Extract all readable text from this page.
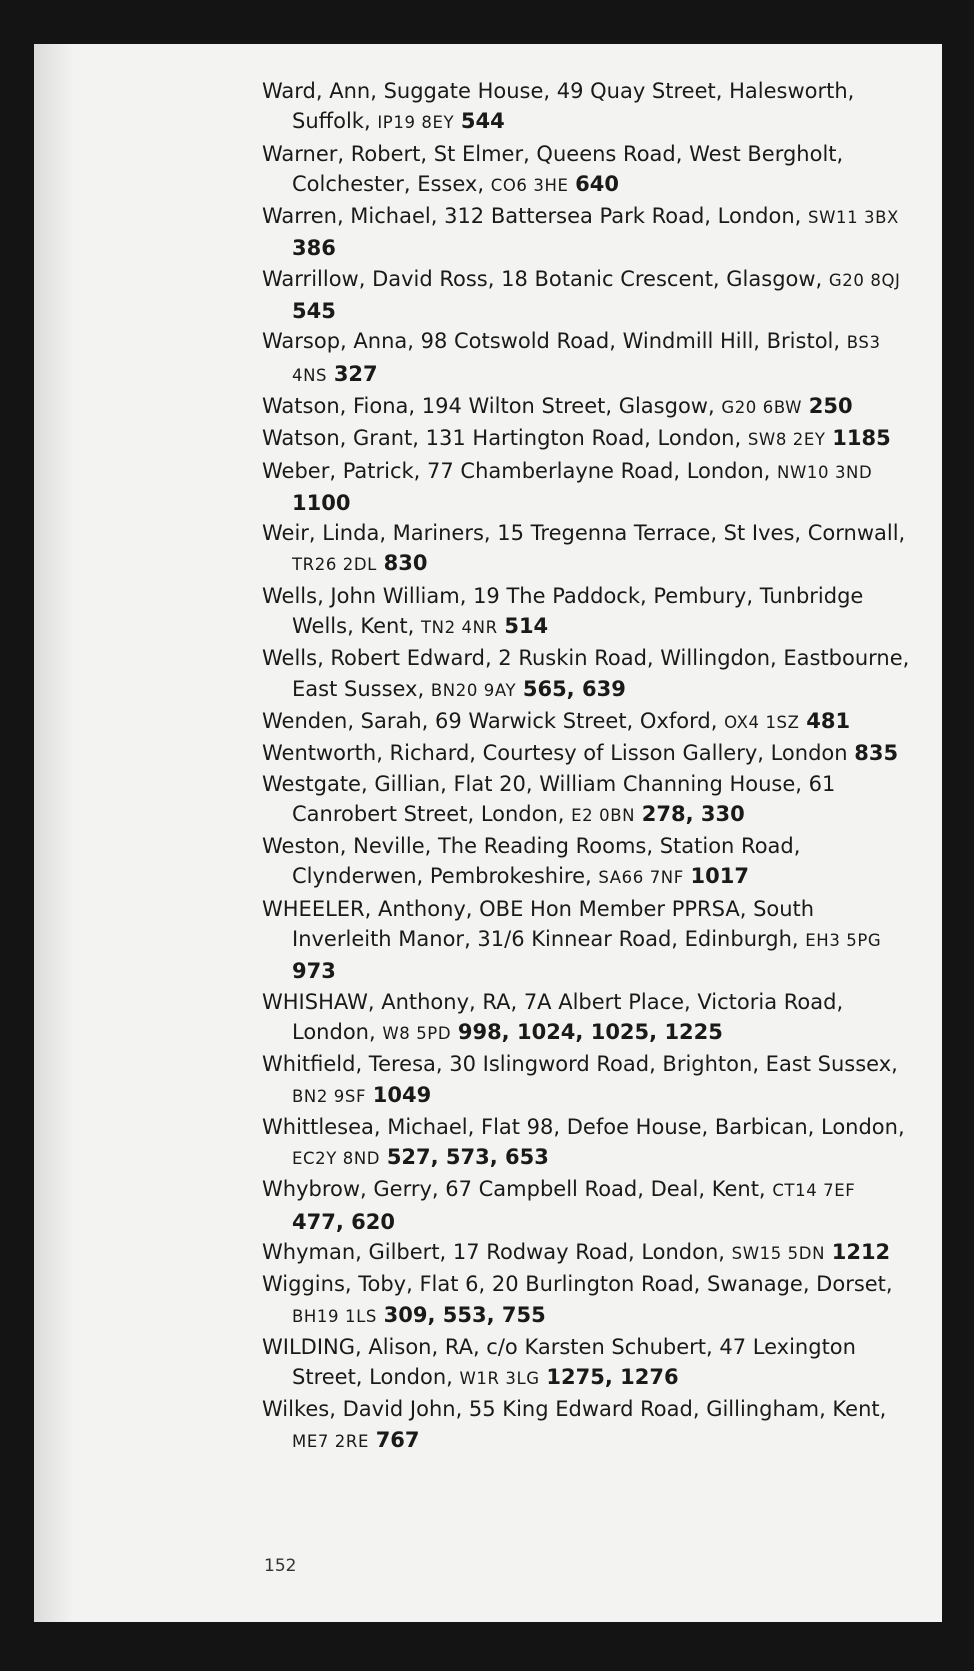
Ward, Ann, Suggate House, 49 Quay Street, Halesworth, Suffolk, IP19 8EY 544
Warner, Robert, St Elmer, Queens Road, West Bergholt, Colchester, Essex, CO6 3HE 640
Warren, Michael, 312 Battersea Park Road, London, SW11 3BX 386
Warrillow, David Ross, 18 Botanic Crescent, Glasgow, G20 8QJ 545
Warsop, Anna, 98 Cotswold Road, Windmill Hill, Bristol, BS3 4NS 327
Watson, Fiona, 194 Wilton Street, Glasgow, G20 6BW 250
Watson, Grant, 131 Hartington Road, London, SW8 2EY 1185
Weber, Patrick, 77 Chamberlayne Road, London, NW10 3ND 1100
Weir, Linda, Mariners, 15 Tregenna Terrace, St Ives, Cornwall, TR26 2DL 830
Wells, John William, 19 The Paddock, Pembury, Tunbridge Wells, Kent, TN2 4NR 514
Wells, Robert Edward, 2 Ruskin Road, Willingdon, Eastbourne, East Sussex, BN20 9AY 565, 639
Wenden, Sarah, 69 Warwick Street, Oxford, OX4 1SZ 481
Wentworth, Richard, Courtesy of Lisson Gallery, London 835
Westgate, Gillian, Flat 20, William Channing House, 61 Canrobert Street, London, E2 0BN 278, 330
Weston, Neville, The Reading Rooms, Station Road, Clynderwen, Pembrokeshire, SA66 7NF 1017
WHEELER, Anthony, OBE Hon Member PPRSA, South Inverleith Manor, 31/6 Kinnear Road, Edinburgh, EH3 5PG 973
WHISHAW, Anthony, RA, 7A Albert Place, Victoria Road, London, W8 5PD 998, 1024, 1025, 1225
Whitfield, Teresa, 30 Islingword Road, Brighton, East Sussex, BN2 9SF 1049
Whittlesea, Michael, Flat 98, Defoe House, Barbican, London, EC2Y 8ND 527, 573, 653
Whybrow, Gerry, 67 Campbell Road, Deal, Kent, CT14 7EF 477, 620
Whyman, Gilbert, 17 Rodway Road, London, SW15 5DN 1212
Wiggins, Toby, Flat 6, 20 Burlington Road, Swanage, Dorset, BH19 1LS 309, 553, 755
WILDING, Alison, RA, c/o Karsten Schubert, 47 Lexington Street, London, W1R 3LG 1275, 1276
Wilkes, David John, 55 King Edward Road, Gillingham, Kent, ME7 2RE 767
152
